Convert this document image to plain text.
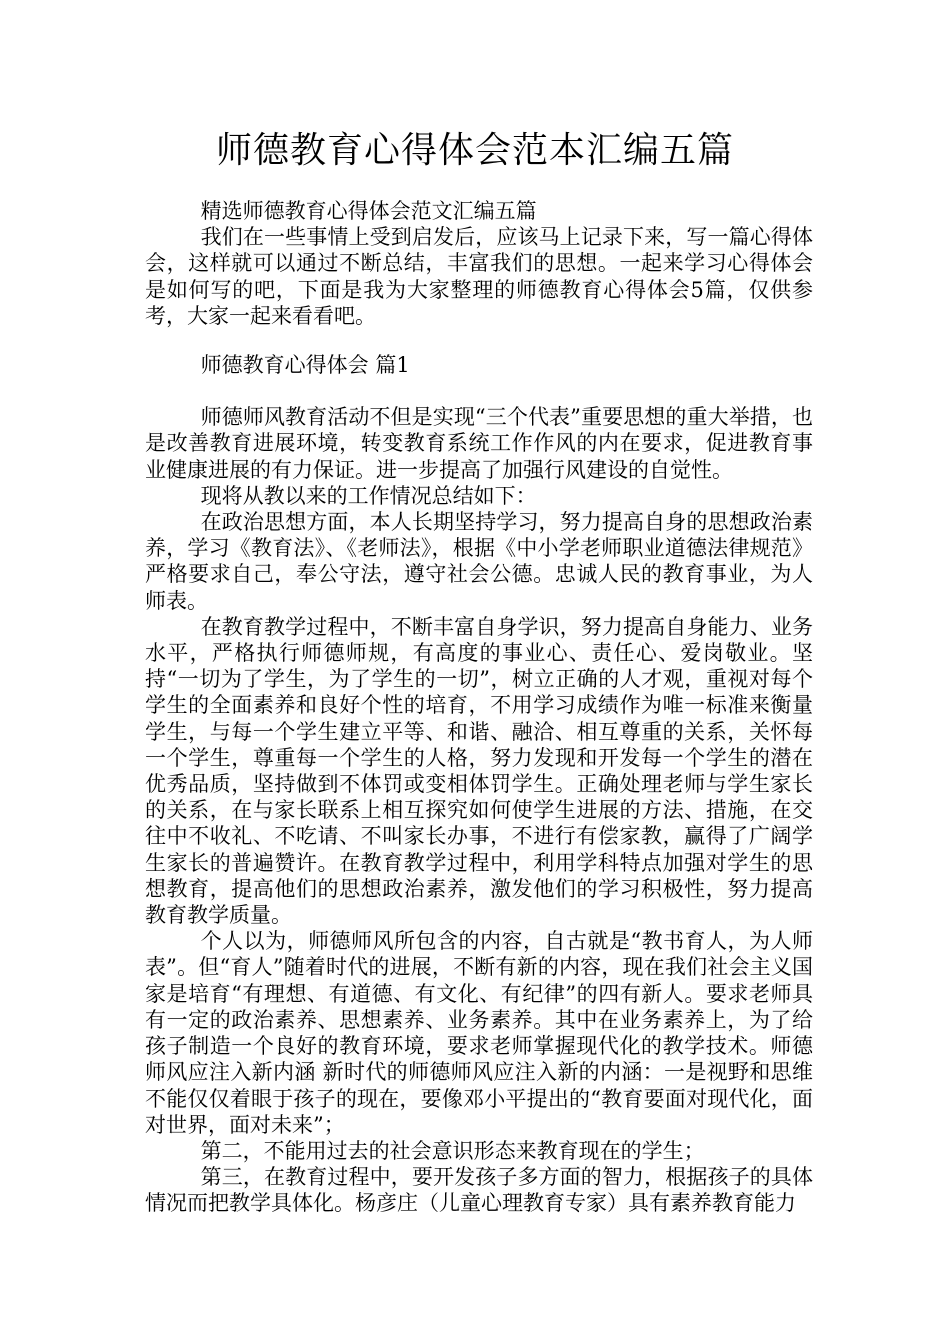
师德教育心得体会范本汇编五篇

精选师德教育心得体会范文汇编五篇

我们在一些事情上受到启发后，应该马上记录下来，写一篇心得体会，这样就可以通过不断总结，丰富我们的思想。一起来学习心得体会是如何写的吧，下面是我为大家整理的师德教育心得体会5篇，仅供参考，大家一起来看看吧。

师德教育心得体会 篇1

师德师风教育活动不但是实现“三个代表”重要思想的重大举措，也是改善教育进展环境，转变教育系统工作作风的内在要求，促进教育事业健康进展的有力保证。进一步提高了加强行风建设的自觉性。

现将从教以来的工作情况总结如下：

在政治思想方面，本人长期坚持学习，努力提高自身的思想政治素养，学习《教育法》、《老师法》，根据《中小学老师职业道德法律规范》严格要求自己，奉公守法，遵守社会公德。忠诚人民的教育事业，为人师表。

在教育教学过程中，不断丰富自身学识，努力提高自身能力、业务水平，严格执行师德师规，有高度的事业心、责任心、爱岗敬业。坚持“一切为了学生，为了学生的一切”，树立正确的人才观，重视对每个学生的全面素养和良好个性的培育，不用学习成绩作为唯一标准来衡量学生，与每一个学生建立平等、和谐、融洽、相互尊重的关系，关怀每一个学生，尊重每一个学生的人格，努力发现和开发每一个学生的潜在优秀品质，坚持做到不体罚或变相体罚学生。正确处理老师与学生家长的关系，在与家长联系上相互探究如何使学生进展的方法、措施，在交往中不收礼、不吃请、不叫家长办事，不进行有偿家教，赢得了广阔学生家长的普遍赞许。在教育教学过程中，利用学科特点加强对学生的思想教育，提高他们的思想政治素养，激发他们的学习积极性，努力提高教育教学质量。

个人以为，师德师风所包含的内容，自古就是“教书育人，为人师表”。但“育人”随着时代的进展，不断有新的内容，现在我们社会主义国家是培育“有理想、有道德、有文化、有纪律”的四有新人。要求老师具有一定的政治素养、思想素养、业务素养。其中在业务素养上，为了给孩子制造一个良好的教育环境，要求老师掌握现代化的教学技术。师德师风应注入新内涵 新时代的师德师风应注入新的内涵：一是视野和思维不能仅仅着眼于孩子的现在，要像邓小平提出的“教育要面对现代化，面对世界，面对未来”；

第二，不能用过去的社会意识形态来教育现在的学生；

第三，在教育过程中，要开发孩子多方面的智力，根据孩子的具体情况而把教学具体化。杨彦庄（儿童心理教育专家）具有素养教育能力
